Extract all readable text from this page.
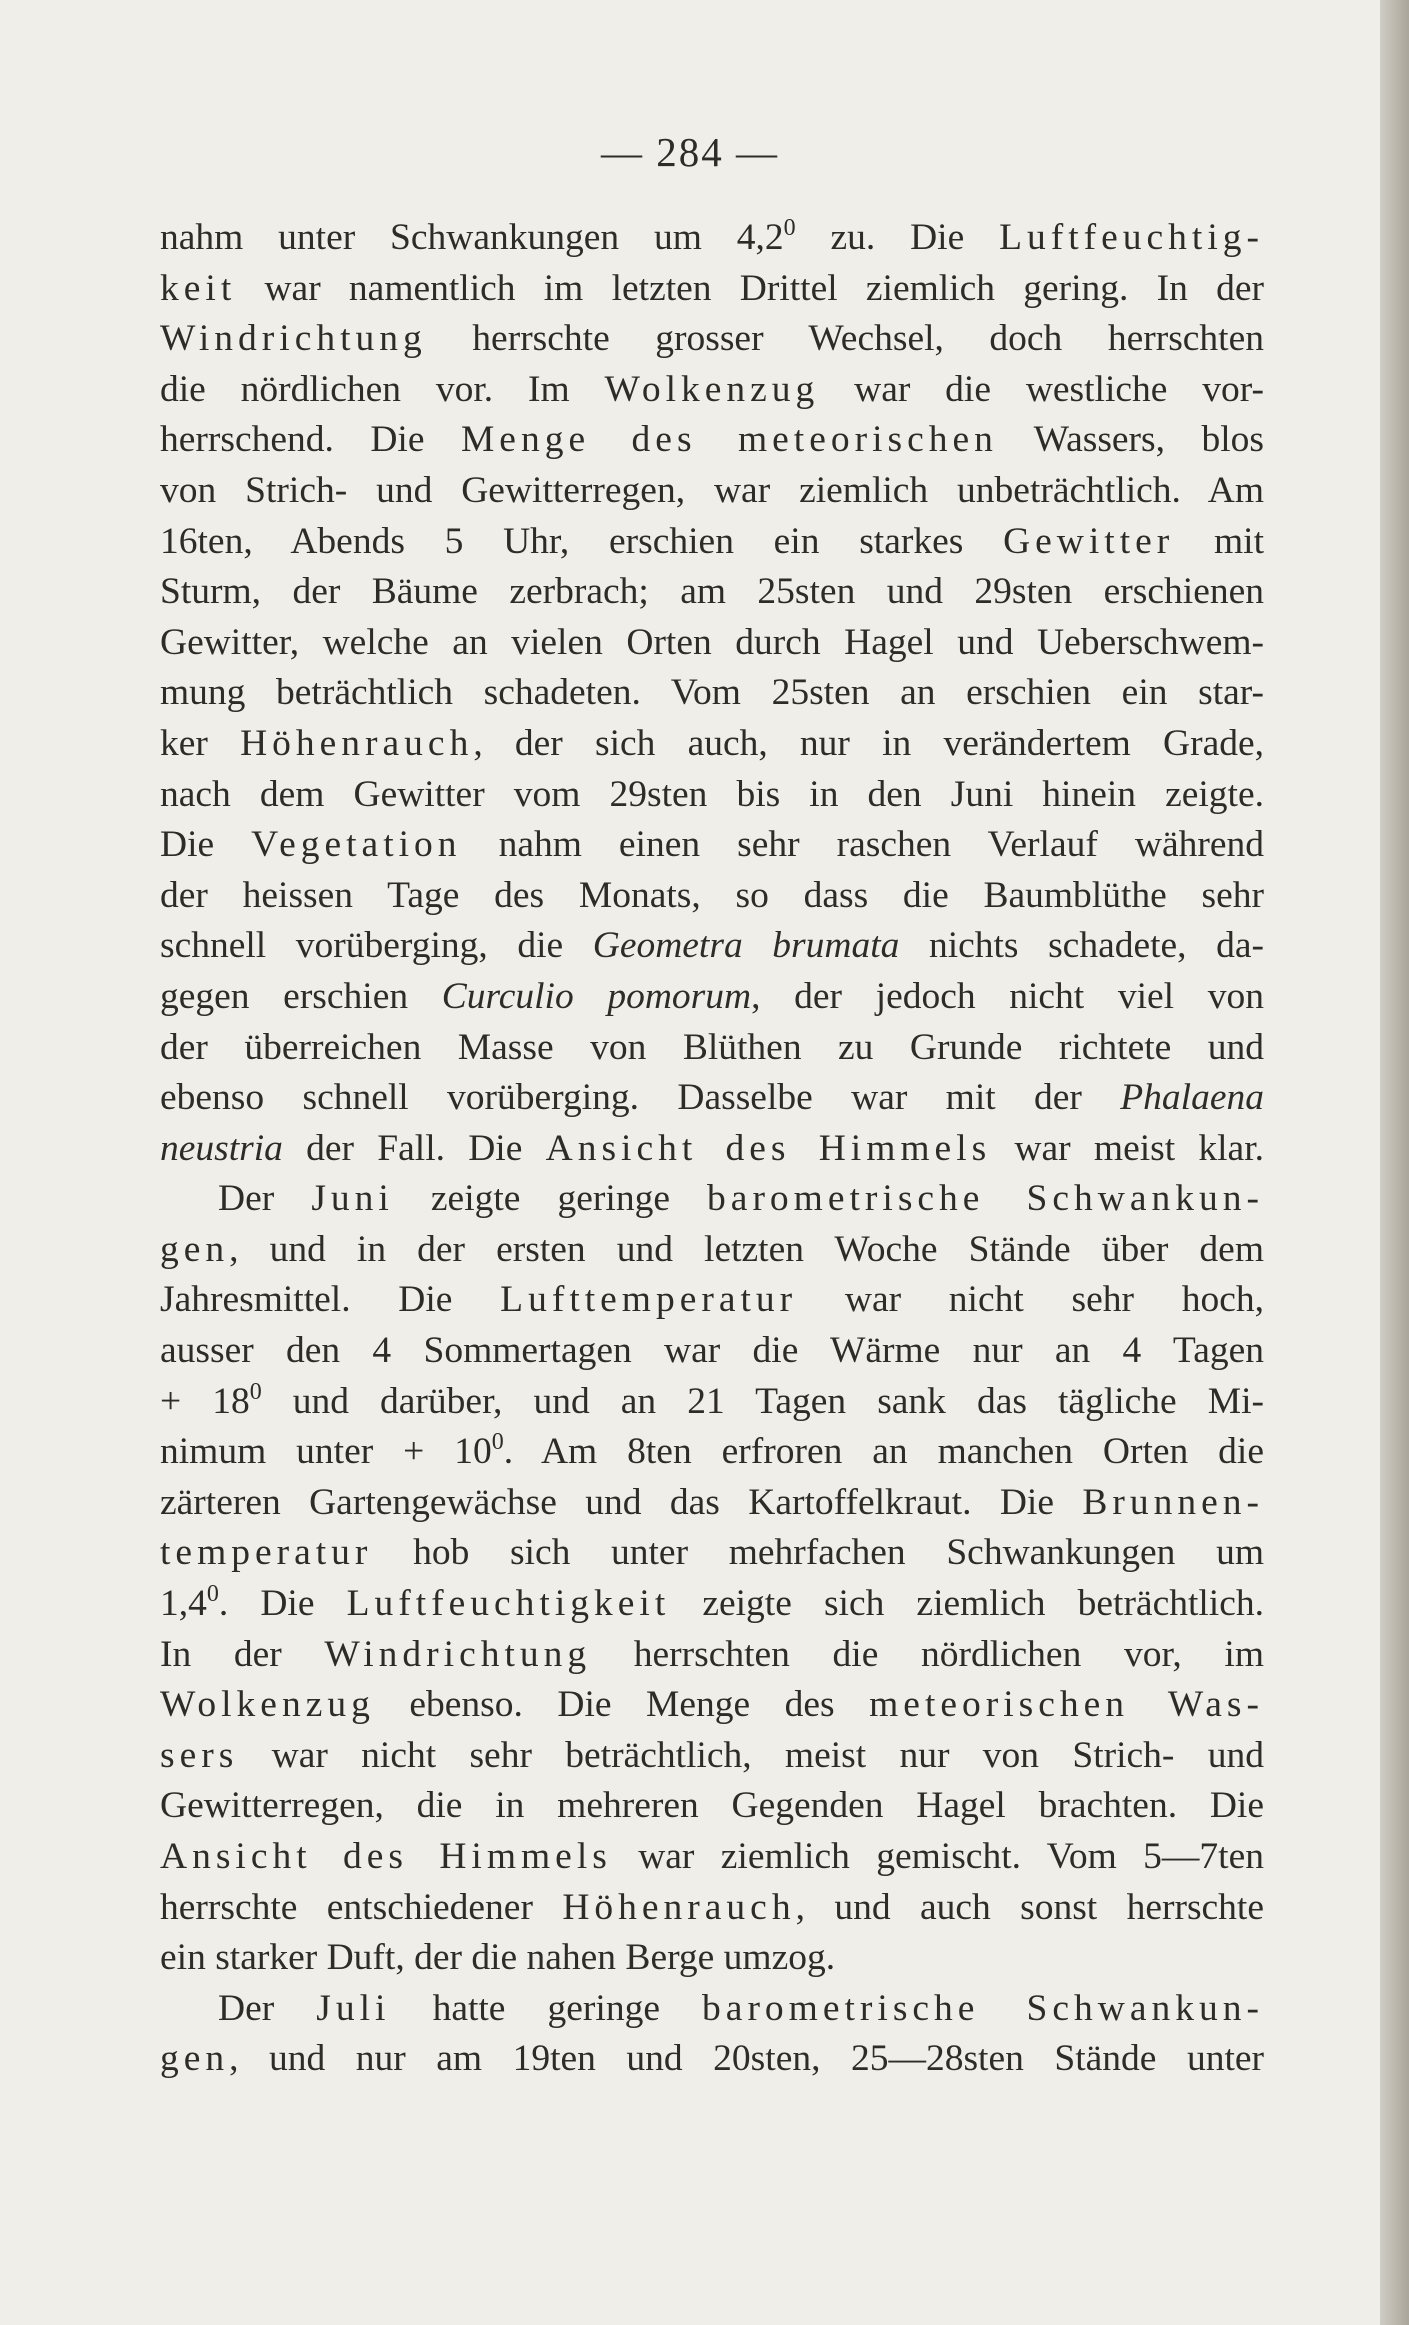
— 284 —
nahm unter Schwankungen um $4,2^0$ zu. Die Luftfeuchtig-
keit war namentlich im letzten Drittel ziemlich gering. In der
Windrichtung herrschte grosser Wechsel, doch herrschten
die nördlichen vor. Im Wolkenzug war die westliche vor-
herrschend. Die Menge des meteorischen Wassers, blos
von Strich- und Gewitterregen, war ziemlich unbeträchtlich. Am
16ten, Abends 5 Uhr, erschien ein starkes Gewitter mit
Sturm, der Bäume zerbrach; am 25sten und 29sten erschienen
Gewitter, welche an vielen Orten durch Hagel und Ueberschwem-
mung beträchtlich schadeten. Vom 25sten an erschien ein star-
ker Höhenrauch, der sich auch, nur in verändertem Grade,
nach dem Gewitter vom 29sten bis in den Juni hinein zeigte.
Die Vegetation nahm einen sehr raschen Verlauf während
der heissen Tage des Monats, so dass die Baumblüthe sehr
schnell vorüberging, die Geometra brumata nichts schadete, da-
gegen erschien Curculio pomorum, der jedoch nicht viel von
der überreichen Masse von Blüthen zu Grunde richtete und
ebenso schnell vorüberging. Dasselbe war mit der Phalaena
neustria der Fall. Die Ansicht des Himmels war meist klar.
Der Juni zeigte geringe barometrische Schwankun-
gen, und in der ersten und letzten Woche Stände über dem
Jahresmittel. Die Lufttemperatur war nicht sehr hoch,
ausser den 4 Sommertagen war die Wärme nur an 4 Tagen
+ $18^0$ und darüber, und an 21 Tagen sank das tägliche Mi-
nimum unter + $10^0$. Am 8ten erfroren an manchen Orten die
zärteren Gartengewächse und das Kartoffelkraut. Die Brunnen-
temperatur hob sich unter mehrfachen Schwankungen um
$1,4^0$. Die Luftfeuchtigkeit zeigte sich ziemlich beträchtlich.
In der Windrichtung herrschten die nördlichen vor, im
Wolkenzug ebenso. Die Menge des meteorischen Was-
sers war nicht sehr beträchtlich, meist nur von Strich- und
Gewitterregen, die in mehreren Gegenden Hagel brachten. Die
Ansicht des Himmels war ziemlich gemischt. Vom 5—7ten
herrschte entschiedener Höhenrauch, und auch sonst herrschte
ein starker Duft, der die nahen Berge umzog.
Der Juli hatte geringe barometrische Schwankun-
gen, und nur am 19ten und 20sten, 25—28sten Stände unter
